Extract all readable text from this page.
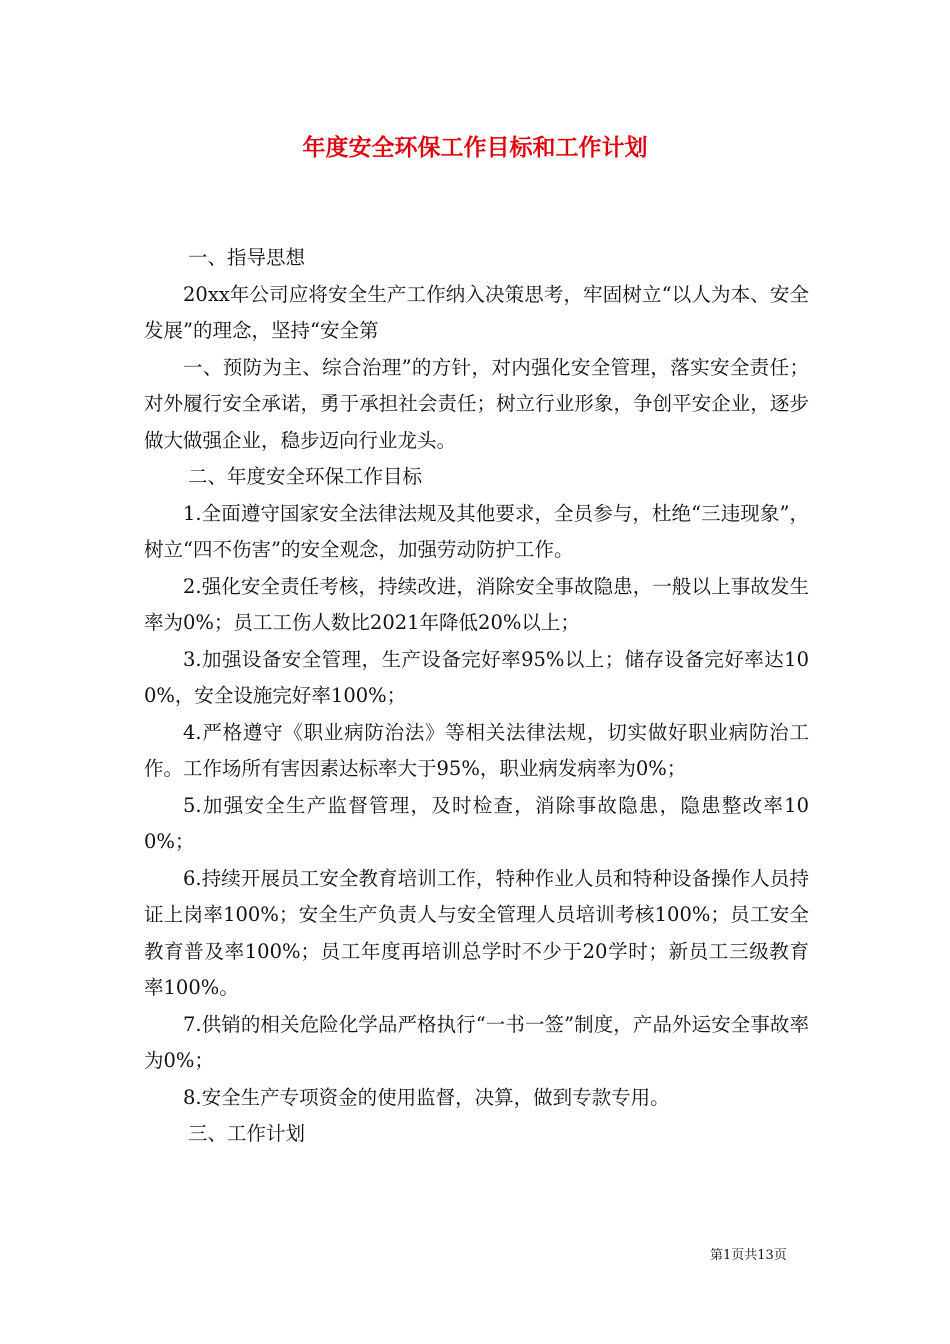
年度安全环保工作目标和工作计划

一、指导思想

20xx年公司应将安全生产工作纳入决策思考，牢固树立“以人为本、安全发展”的理念，坚持“安全第

一、预防为主、综合治理”的方针，对内强化安全管理，落实安全责任；对外履行安全承诺，勇于承担社会责任；树立行业形象，争创平安企业，逐步做大做强企业，稳步迈向行业龙头。

二、年度安全环保工作目标

1.全面遵守国家安全法律法规及其他要求，全员参与，杜绝“三违现象”，树立“四不伤害”的安全观念，加强劳动防护工作。

2.强化安全责任考核，持续改进，消除安全事故隐患，一般以上事故发生率为0%；员工工伤人数比2021年降低20%以上；

3.加强设备安全管理，生产设备完好率95%以上；储存设备完好率达100%，安全设施完好率100%；

4.严格遵守《职业病防治法》等相关法律法规，切实做好职业病防治工作。工作场所有害因素达标率大于95%，职业病发病率为0%；

5.加强安全生产监督管理，及时检查，消除事故隐患，隐患整改率100%；

6.持续开展员工安全教育培训工作，特种作业人员和特种设备操作人员持证上岗率100%；安全生产负责人与安全管理人员培训考核100%；员工安全教育普及率100%；员工年度再培训总学时不少于20学时；新员工三级教育率100%。

7.供销的相关危险化学品严格执行“一书一签”制度，产品外运安全事故率为0%；

8.安全生产专项资金的使用监督，决算，做到专款专用。

三、工作计划

第1页共13页
